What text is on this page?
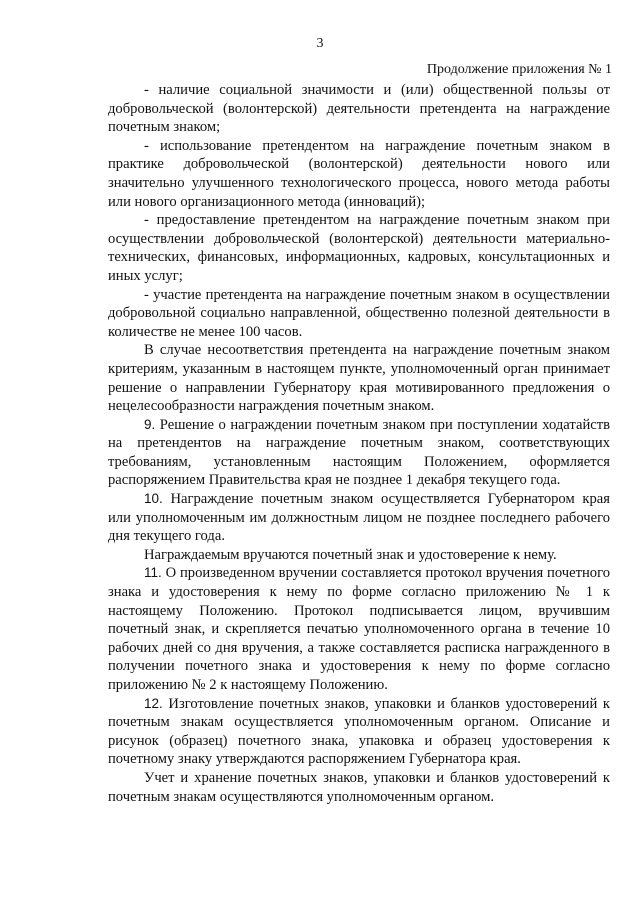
3
Продолжение приложения № 1

- наличие социальной значимости и (или) общественной пользы от добровольческой (волонтерской) деятельности претендента на награждение почетным знаком;

- использование претендентом на награждение почетным знаком в практике добровольческой (волонтерской) деятельности нового или значительно улучшенного технологического процесса, нового метода работы или нового организационного метода (инноваций);

- предоставление претендентом на награждение почетным знаком при осуществлении добровольческой (волонтерской) деятельности материально-технических, финансовых, информационных, кадровых, консультационных и иных услуг;

- участие претендента на награждение почетным знаком в осуществлении добровольной социально направленной, общественно полезной деятельности в количестве не менее 100 часов.

В случае несоответствия претендента на награждение почетным знаком критериям, указанным в настоящем пункте, уполномоченный орган принимает решение о направлении Губернатору края мотивированного предложения о нецелесообразности награждения почетным знаком.

9. Решение о награждении почетным знаком при поступлении ходатайств на претендентов на награждение почетным знаком, соответствующих требованиям, установленным настоящим Положением, оформляется распоряжением Правительства края не позднее 1 декабря текущего года.

10. Награждение почетным знаком осуществляется Губернатором края или уполномоченным им должностным лицом не позднее последнего рабочего дня текущего года.

Награждаемым вручаются почетный знак и удостоверение к нему.

11. О произведенном вручении составляется протокол вручения почетного знака и удостоверения к нему по форме согласно приложению № 1 к настоящему Положению. Протокол подписывается лицом, вручившим почетный знак, и скрепляется печатью уполномоченного органа в течение 10 рабочих дней со дня вручения, а также составляется расписка награжденного в получении почетного знака и удостоверения к нему по форме согласно приложению № 2 к настоящему Положению.

12. Изготовление почетных знаков, упаковки и бланков удостоверений к почетным знакам осуществляется уполномоченным органом. Описание и рисунок (образец) почетного знака, упаковка и образец удостоверения к почетному знаку утверждаются распоряжением Губернатора края.

Учет и хранение почетных знаков, упаковки и бланков удостоверений к почетным знакам осуществляются уполномоченным органом.
